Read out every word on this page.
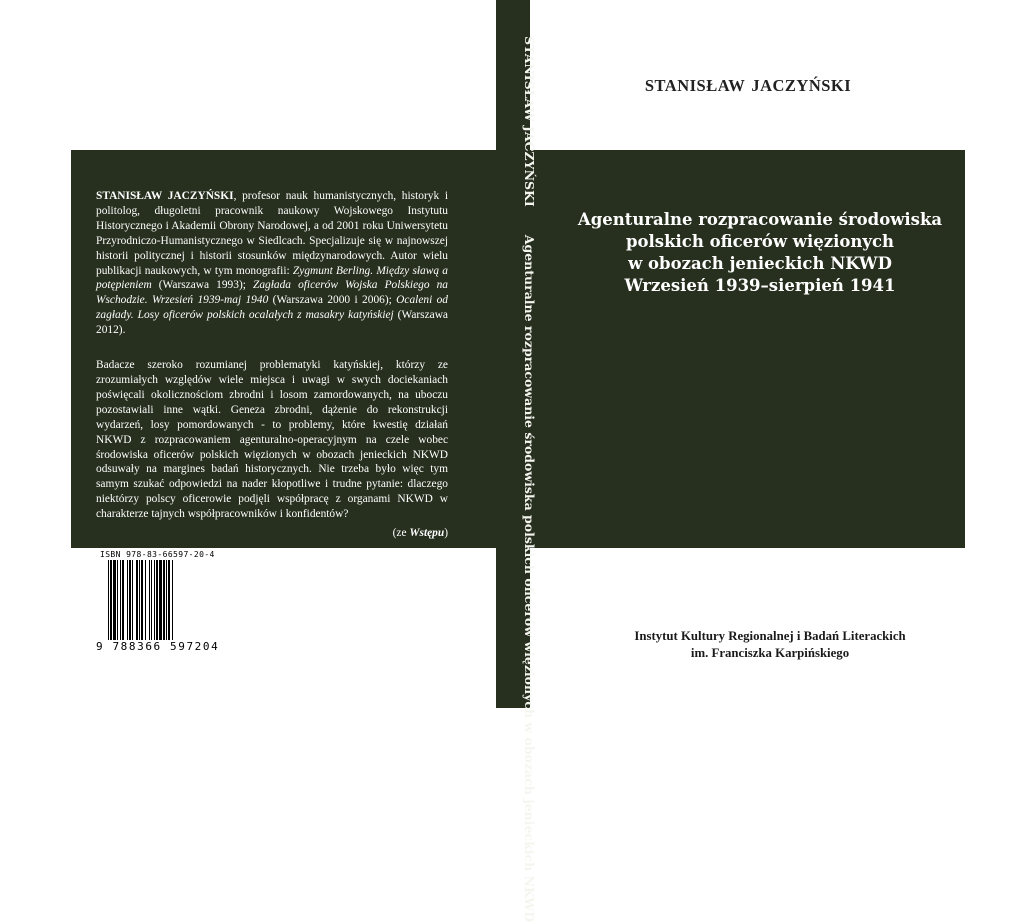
STANISŁAW JACZYŃSKI
Agenturalne rozpracowanie środowiska polskich oficerów więzionych w obozach jenieckich NKWD
STANISŁAW JACZYŃSKI
Agenturalne rozpracowanie środowiska
polskich oficerów więzionych
w obozach jenieckich NKWD
Wrzesień 1939–sierpień 1941

STANISŁAW JACZYŃSKI, profesor nauk humanistycznych, historyk i politolog, długoletni pracownik naukowy Wojskowego Instytutu Historycznego i Akademii Obrony Narodowej, a od 2001 roku Uniwersytetu Przyrodniczo-Humanistycznego w Siedlcach. Specjalizuje się w najnowszej historii politycznej i historii stosunków międzynarodowych. Autor wielu publikacji naukowych, w tym monografii: Zygmunt Berling. Między sławą a potępieniem (Warszawa 1993); Zagłada oficerów Wojska Polskiego na Wschodzie. Wrzesień 1939-maj 1940 (Warszawa 2000 i 2006); Ocaleni od zagłady. Losy oficerów polskich ocalałych z masakry katyńskiej (Warszawa 2012).

Badacze szeroko rozumianej problematyki katyńskiej, którzy ze zrozumiałych względów wiele miejsca i uwagi w swych dociekaniach poświęcali okolicznościom zbrodni i losom zamordowanych, na uboczu pozostawiali inne wątki. Geneza zbrodni, dążenie do rekonstrukcji wydarzeń, losy pomordowanych - to problemy, które kwestię działań NKWD z rozpracowaniem agenturalno-operacyjnym na czele wobec środowiska oficerów polskich więzionych w obozach jenieckich NKWD odsuwały na margines badań historycznych. Nie trzeba było więc tym samym szukać odpowiedzi na nader kłopotliwe i trudne pytanie: dlaczego niektórzy polscy oficerowie podjęli współpracę z organami NKWD w charakterze tajnych współpracowników i konfidentów?

(ze Wstępu)

ISBN 978-83-66597-20-4
9 788366 597204
Instytut Kultury Regionalnej i Badań Literackich
im. Franciszka Karpińskiego
